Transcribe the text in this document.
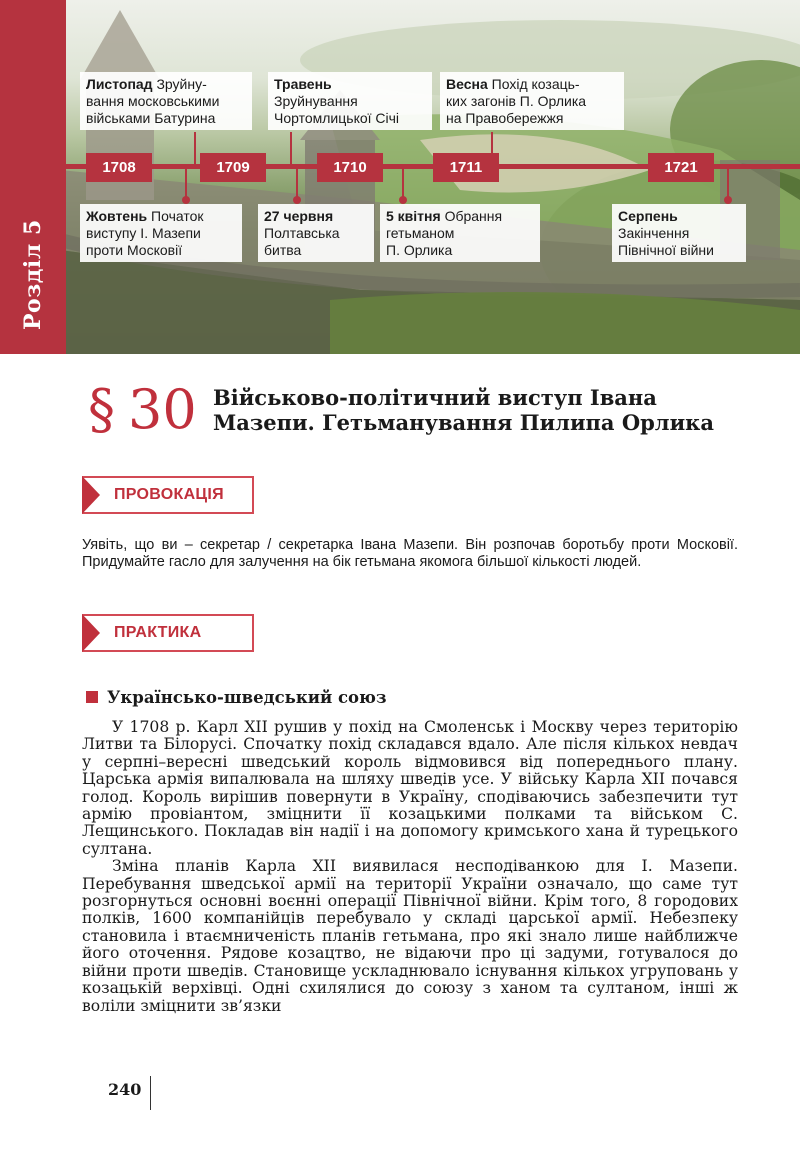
Розділ 5
1708	1709	1710	1711	1721
Листопад Зруйну-
вання московськими
військами Батурина
Травень
Зруйнування
Чортомлицької Січі
Весна Похід козаць-
ких загонів П. Орлика
на Правобережжя
Жовтень Початок
виступу І. Мазепи
проти Московії
27 червня
Полтавська
битва
5 квітня Обрання
гетьманом
П. Орлика
Серпень
Закінчення
Північної війни
§ 30 Військово-політичний виступ Івана
Мазепи. Гетьманування Пилипа Орлика
ПРОВОКАЦІЯ
Уявіть, що ви – секретар / секретарка Івана Мазепи. Він розпочав боротьбу проти Московії. Придумайте гасло для залучення на бік гетьмана якомога більшої кількості людей.
ПРАКТИКА
Українсько-шведський союз

У 1708 р. Карл XII рушив у похід на Смоленськ і Москву через територію Литви та Білорусі. Спочатку похід складався вдало. Але після кількох невдач у серпні–вересні шведський король відмовився від попереднього плану. Царська армія випалювала на шляху шведів усе. У війську Карла XII почався голод. Король вирішив повернути в Україну, сподіваючись забезпечити тут армію провіантом, зміцнити її козацькими полками та військом С. Лещинського. Покладав він надії і на допомогу кримського хана й турецького султана.

Зміна планів Карла XII виявилася несподіванкою для І. Мазепи. Перебування шведської армії на території України означало, що саме тут розгорнуться основні воєнні операції Північної війни. Крім того, 8 городових полків, 1600 компанійців перебувало у складі царської армії. Небезпеку становила і втаємниченість планів гетьмана, про які знало лише найближче його оточення. Рядове козацтво, не відаючи про ці задуми, готувалося до війни проти шведів. Становище ускладнювало існування кількох угруповань у козацькій верхівці. Одні схилялися до союзу з ханом та султаном, інші ж воліли зміцнити зв’язки

240
